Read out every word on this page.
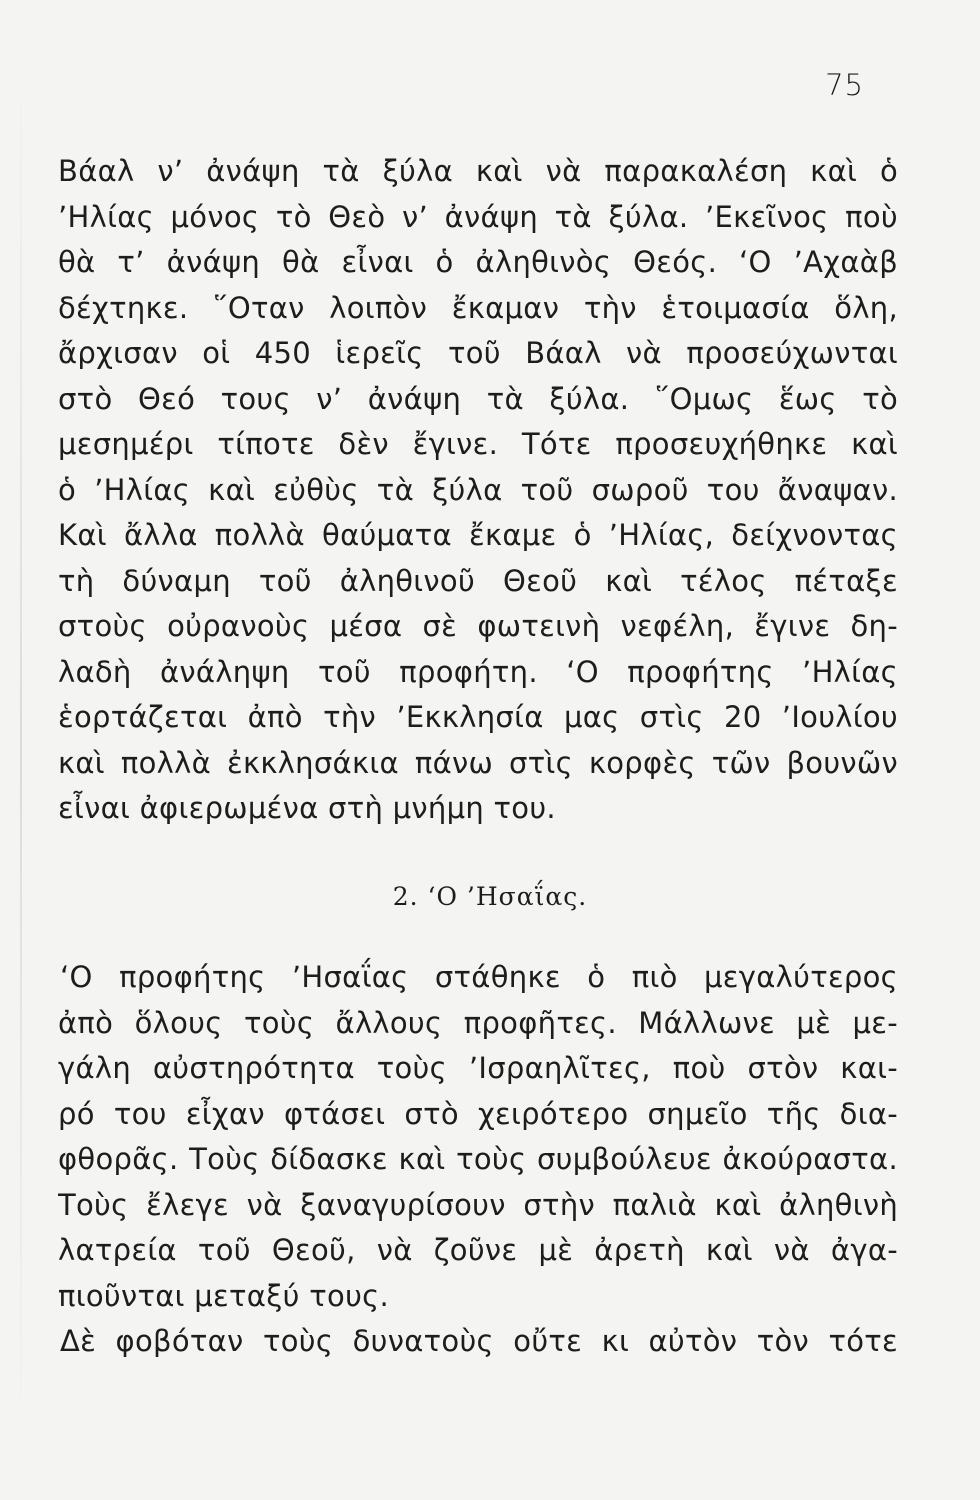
75
Βάαλ ν’ ἀνάψη τὰ ξύλα καὶ νὰ παρακαλέση καὶ ὁ
’Ηλίας μόνος τὸ Θεὸ ν’ ἀνάψη τὰ ξύλα. ’Εκεῖνος ποὺ
θὰ τ’ ἀνάψη θὰ εἶναι ὁ ἀληθινὸς Θεός. ‘Ο ’Αχαὰβ
δέχτηκε. ῞Οταν λοιπὸν ἔκαμαν τὴν ἑτοιμασία ὅλη,
ἄρχισαν οἱ 450 ἱερεῖς τοῦ Βάαλ νὰ προσεύχωνται
στὸ Θεό τους ν’ ἀνάψη τὰ ξύλα. ῞Ομως ἕως τὸ
μεσημέρι τίποτε δὲν ἔγινε. Τότε προσευχήθηκε καὶ
ὁ ’Ηλίας καὶ εὐθὺς τὰ ξύλα τοῦ σωροῦ του ἄναψαν.
Καὶ ἄλλα πολλὰ θαύματα ἔκαμε ὁ ’Ηλίας, δείχνοντας
τὴ δύναμη τοῦ ἀληθινοῦ Θεοῦ καὶ τέλος πέταξε
στοὺς οὐρανοὺς μέσα σὲ φωτεινὴ νεφέλη, ἔγινε δη-
λαδὴ ἀνάληψη τοῦ προφήτη. ‘Ο προφήτης ’Ηλίας
ἑορτάζεται ἀπὸ τὴν ’Εκκλησία μας στὶς 20 ’Ιουλίου
καὶ πολλὰ ἐκκλησάκια πάνω στὶς κορφὲς τῶν βουνῶν
εἶναι ἀφιερωμένα στὴ μνήμη του.
2. ‘Ο ’Ησαΐας.
‘Ο προφήτης ’Ησαΐας στάθηκε ὁ πιὸ μεγαλύτερος
ἀπὸ ὅλους τοὺς ἄλλους προφῆτες. Μάλλωνε μὲ με-
γάλη αὐστηρότητα τοὺς ’Ισραηλῖτες, ποὺ στὸν και-
ρό του εἶχαν φτάσει στὸ χειρότερο σημεῖο τῆς δια-
φθορᾶς. Τοὺς δίδασκε καὶ τοὺς συμβούλευε ἀκούραστα.
Τοὺς ἔλεγε νὰ ξαναγυρίσουν στὴν παλιὰ καὶ ἀληθινὴ
λατρεία τοῦ Θεοῦ, νὰ ζοῦνε μὲ ἀρετὴ καὶ νὰ ἀγα-
πιοῦνται μεταξύ τους.
Δὲ φοβόταν τοὺς δυνατοὺς οὔτε κι αὐτὸν τὸν τότε
